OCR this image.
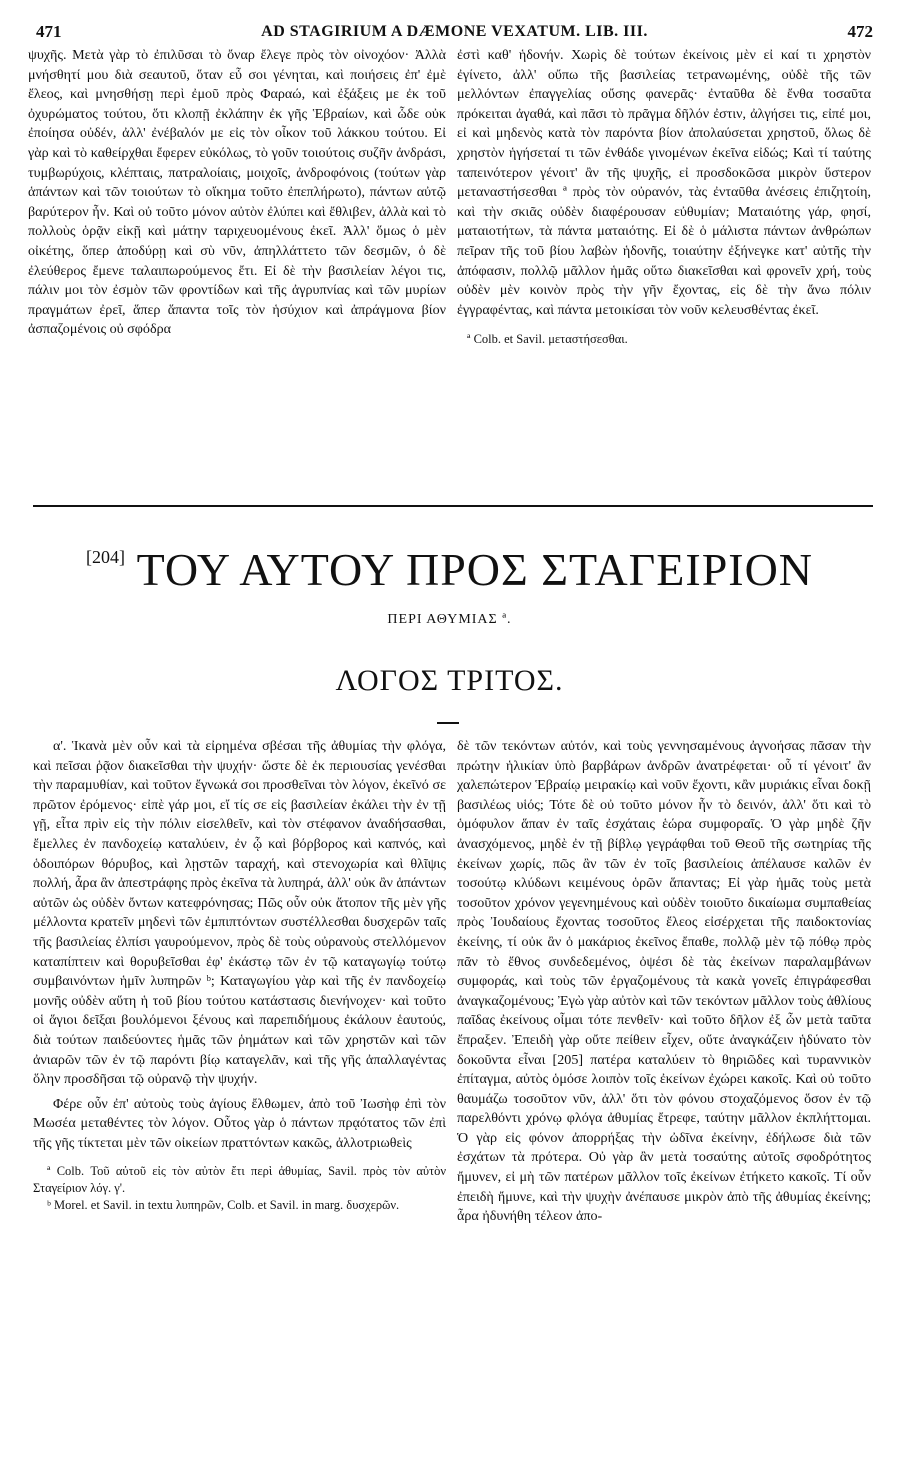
471	AD STAGIRIUM A DÆMONE VEXATUM. LIB. III.	472

ψυχῆς. Μετὰ γὰρ τὸ ἐπιλῦσαι τὸ ὄναρ ἔλεγε πρὸς τὸν οἰνοχόον· Ἀλλὰ μνήσθητί μου διὰ σεαυτοῦ, ὅταν εὖ σοι γένηται, καὶ ποιήσεις ἐπ' ἐμὲ ἔλεος, καὶ μνησθήσῃ περὶ ἐμοῦ πρὸς Φαραώ, καὶ ἐξάξεις με ἐκ τοῦ ὀχυρώματος τούτου, ὅτι κλοπῇ ἐκλάπην ἐκ γῆς Ἑβραίων, καὶ ὧδε οὐκ ἐποίησα οὐδέν, ἀλλ' ἐνέβαλόν με εἰς τὸν οἶκον τοῦ λάκκου τούτου. Εἰ γὰρ καὶ τὸ καθείρχθαι ἔφερεν εὐκόλως, τὸ γοῦν τοιούτοις συζῆν ἀνδράσι, τυμβωρύχοις, κλέπταις, πατραλοίαις, μοιχοῖς, ἀνδροφόνοις (τούτων γὰρ ἁπάντων καὶ τῶν τοιούτων τὸ οἴκημα τοῦτο ἐπεπλήρωτο), πάντων αὐτῷ βαρύτερον ἦν. Καὶ οὐ τοῦτο μόνον αὐτὸν ἐλύπει καὶ ἔθλιβεν, ἀλλὰ καὶ τὸ πολλοὺς ὁρᾷν εἰκῇ καὶ μάτην ταριχευομένους ἐκεῖ. Ἀλλ' ὅμως ὁ μὲν οἰκέτης, ὅπερ ἀποδύρῃ καὶ σὺ νῦν, ἀπηλλάττετο τῶν δεσμῶν, ὁ δὲ ἐλεύθερος ἔμενε ταλαιπωρούμενος ἔτι. Εἰ δὲ τὴν βασιλείαν λέγοι τις, πάλιν μοι τὸν ἐσμὸν τῶν φροντίδων καὶ τῆς ἀγρυπνίας καὶ τῶν μυρίων πραγμάτων ἐρεῖ, ἅπερ ἅπαντα τοῖς τὸν ἡσύχιον καὶ ἀπράγμονα βίον ἀσπαζομένοις οὐ σφόδρα

ἐστὶ καθ' ἡδονήν. Χωρὶς δὲ τούτων ἐκείνοις μὲν εἰ καί τι χρηστὸν ἐγίνετο, ἀλλ' οὔπω τῆς βασιλείας τετρανωμένης, οὐδὲ τῆς τῶν μελλόντων ἐπαγγελίας οὔσης φανερᾶς· ἐνταῦθα δὲ ἔνθα τοσαῦτα πρόκειται ἀγαθά, καὶ πᾶσι τὸ πρᾶγμα δῆλόν ἐστιν, ἀλγήσει τις, εἰπέ μοι, εἰ καὶ μηδενὸς κατὰ τὸν παρόντα βίον ἀπολαύσεται χρηστοῦ, ὅλως δὲ χρηστὸν ἡγήσεταί τι τῶν ἐνθάδε γινομένων ἐκεῖνα εἰδώς; Καὶ τί ταύτης ταπεινότερον γένοιτ' ἂν τῆς ψυχῆς, εἰ προσδοκῶσα μικρὸν ὕστερον μεταναστήσεσθαι ª πρὸς τὸν οὐρανόν, τὰς ἐνταῦθα ἀνέσεις ἐπιζητοίη, καὶ τὴν σκιᾶς οὐδὲν διαφέρουσαν εὐθυμίαν; Ματαιότης γάρ, φησί, ματαιοτήτων, τὰ πάντα ματαιότης. Εἰ δὲ ὁ μάλιστα πάντων ἀνθρώπων πεῖραν τῆς τοῦ βίου λαβὼν ἡδονῆς, τοιαύτην ἐξήνεγκε κατ' αὐτῆς τὴν ἀπόφασιν, πολλῷ μᾶλλον ἡμᾶς οὕτω διακεῖσθαι καὶ φρονεῖν χρή, τοὺς οὐδὲν μὲν κοινὸν πρὸς τὴν γῆν ἔχοντας, εἰς δὲ τὴν ἄνω πόλιν ἐγγραφέντας, καὶ πάντα μετοικίσαι τὸν νοῦν κελευσθέντας ἐκεῖ.

ª Colb. et Savil. μεταστήσεσθαι.

[204] ΤΟΥ ΑΥΤΟΥ ΠΡΟΣ ΣΤΑΓΕΙΡΙΟΝ
ΠΕΡΙ ΑΘΥΜΙΑΣ ª.
ΛΟΓΟΣ ΤΡΙΤΟΣ.

α'. Ἱκανὰ μὲν οὖν καὶ τὰ εἰρημένα σβέσαι τῆς ἀθυμίας τὴν φλόγα, καὶ πεῖσαι ῥᾷον διακεῖσθαι τὴν ψυχήν· ὥστε δὲ ἐκ περιουσίας γενέσθαι τὴν παραμυθίαν, καὶ τοῦτον ἔγνωκά σοι προσθεῖναι τὸν λόγον, ἐκεῖνό σε πρῶτον ἐρόμενος· εἰπὲ γάρ μοι, εἴ τίς σε εἰς βασιλείαν ἐκάλει τὴν ἐν τῇ γῇ, εἶτα πρὶν εἰς τὴν πόλιν εἰσελθεῖν, καὶ τὸν στέφανον ἀναδήσασθαι, ἔμελλες ἐν πανδοχείῳ καταλύειν, ἐν ᾧ καὶ βόρβορος καὶ καπνός, καὶ ὁδοιπόρων θόρυβος, καὶ λῃστῶν ταραχή, καὶ στενοχωρία καὶ θλῖψις πολλή, ἆρα ἂν ἀπεστράφης πρὸς ἐκεῖνα τὰ λυπηρά, ἀλλ' οὐκ ἂν ἁπάντων αὐτῶν ὡς οὐδὲν ὄντων κατεφρόνησας; Πῶς οὖν οὐκ ἄτοπον τῆς μὲν γῆς μέλλοντα κρατεῖν μηδενὶ τῶν ἐμπιπτόντων συστέλλεσθαι δυσχερῶν ταῖς τῆς βασιλείας ἐλπίσι γαυρούμενον, πρὸς δὲ τοὺς οὐρανοὺς στελλόμενον καταπίπτειν καὶ θορυβεῖσθαι ἐφ' ἑκάστῳ τῶν ἐν τῷ καταγωγίῳ τούτῳ συμβαινόντων ἡμῖν λυπηρῶν ᵇ; Καταγωγίου γὰρ καὶ τῆς ἐν πανδοχείῳ μονῆς οὐδὲν αὕτη ἡ τοῦ βίου τούτου κατάστασις διενήνοχεν· καὶ τοῦτο οἱ ἅγιοι δεῖξαι βουλόμενοι ξένους καὶ παρεπιδήμους ἐκάλουν ἑαυτούς, διὰ τούτων παιδεύοντες ἡμᾶς τῶν ῥημάτων καὶ τῶν χρηστῶν καὶ τῶν ἀνιαρῶν τῶν ἐν τῷ παρόντι βίῳ καταγελᾶν, καὶ τῆς γῆς ἀπαλλαγέντας ὅλην προσδῆσαι τῷ οὐρανῷ τὴν ψυχήν.

Φέρε οὖν ἐπ' αὐτοὺς τοὺς ἁγίους ἔλθωμεν, ἀπὸ τοῦ Ἰωσὴφ ἐπὶ τὸν Μωσέα μεταθέντες τὸν λόγον. Οὗτος γὰρ ὁ πάντων πρᾳότατος τῶν ἐπὶ τῆς γῆς τίκτεται μὲν τῶν οἰκείων πραττόντων κακῶς, ἀλλοτριωθεὶς

ª Colb. Τοῦ αὐτοῦ εἰς τὸν αὐτὸν ἔτι περὶ ἀθυμίας, Savil. πρὸς τὸν αὐτὸν Σταγείριον λόγ. γ'.

ᵇ Morel. et Savil. in textu λυπηρῶν, Colb. et Savil. in marg. δυσχερῶν.

δὲ τῶν τεκόντων αὐτόν, καὶ τοὺς γεννησαμένους ἀγνοήσας πᾶσαν τὴν πρώτην ἡλικίαν ὑπὸ βαρβάρων ἀνδρῶν ἀνατρέφεται· οὗ τί γένοιτ' ἂν χαλεπώτερον Ἑβραίῳ μειρακίῳ καὶ νοῦν ἔχοντι, κἂν μυριάκις εἶναι δοκῇ βασιλέως υἱός; Τότε δὲ οὐ τοῦτο μόνον ἦν τὸ δεινόν, ἀλλ' ὅτι καὶ τὸ ὁμόφυλον ἅπαν ἐν ταῖς ἐσχάταις ἑώρα συμφοραῖς. Ὁ γὰρ μηδὲ ζῆν ἀνασχόμενος, μηδὲ ἐν τῇ βίβλῳ γεγράφθαι τοῦ Θεοῦ τῆς σωτηρίας τῆς ἐκείνων χωρίς, πῶς ἂν τῶν ἐν τοῖς βασιλείοις ἀπέλαυσε καλῶν ἐν τοσούτῳ κλύδωνι κειμένους ὁρῶν ἅπαντας; Εἰ γὰρ ἡμᾶς τοὺς μετὰ τοσοῦτον χρόνον γεγενημένους καὶ οὐδὲν τοιοῦτο δικαίωμα συμπαθείας πρὸς Ἰουδαίους ἔχοντας τοσοῦτος ἔλεος εἰσέρχεται τῆς παιδοκτονίας ἐκείνης, τί οὐκ ἂν ὁ μακάριος ἐκεῖνος ἔπαθε, πολλῷ μὲν τῷ πόθῳ πρὸς πᾶν τὸ ἔθνος συνδεδεμένος, ὀψέσι δὲ τὰς ἐκείνων παραλαμβάνων συμφοράς, καὶ τοὺς τῶν ἐργαζομένους τὰ κακὰ γονεῖς ἐπιγράφεσθαι ἀναγκαζομένους; Ἐγὼ γὰρ αὐτὸν καὶ τῶν τεκόντων μᾶλλον τοὺς ἀθλίους παῖδας ἐκείνους οἶμαι τότε πενθεῖν· καὶ τοῦτο δῆλον ἐξ ὧν μετὰ ταῦτα ἔπραξεν. Ἐπειδὴ γὰρ οὔτε πείθειν εἶχεν, οὔτε ἀναγκάζειν ἡδύνατο τὸν δοκοῦντα εἶναι [205] πατέρα καταλύειν τὸ θηριῶδες καὶ τυραννικὸν ἐπίταγμα, αὐτὸς ὁμόσε λοιπὸν τοῖς ἐκείνων ἐχώρει κακοῖς. Καὶ οὐ τοῦτο θαυμάζω τοσοῦτον νῦν, ἀλλ' ὅτι τὸν φόνου στοχαζόμενος ὅσον ἐν τῷ παρελθόντι χρόνῳ φλόγα ἀθυμίας ἔτρεφε, ταύτην μᾶλλον ἐκπλήττομαι. Ὁ γὰρ εἰς φόνον ἀπορρήξας τὴν ὠδῖνα ἐκείνην, ἐδήλωσε διὰ τῶν ἐσχάτων τὰ πρότερα. Οὐ γὰρ ἂν μετὰ τοσαύτης αὐτοῖς σφοδρότητος ἤμυνεν, εἰ μὴ τῶν πατέρων μᾶλλον τοῖς ἐκείνων ἐτήκετο κακοῖς. Τί οὖν ἐπειδὴ ἤμυνε, καὶ τὴν ψυχὴν ἀνέπαυσε μικρὸν ἀπὸ τῆς ἀθυμίας ἐκείνης; ἆρα ἠδυνήθη τέλεον ἀπο-
